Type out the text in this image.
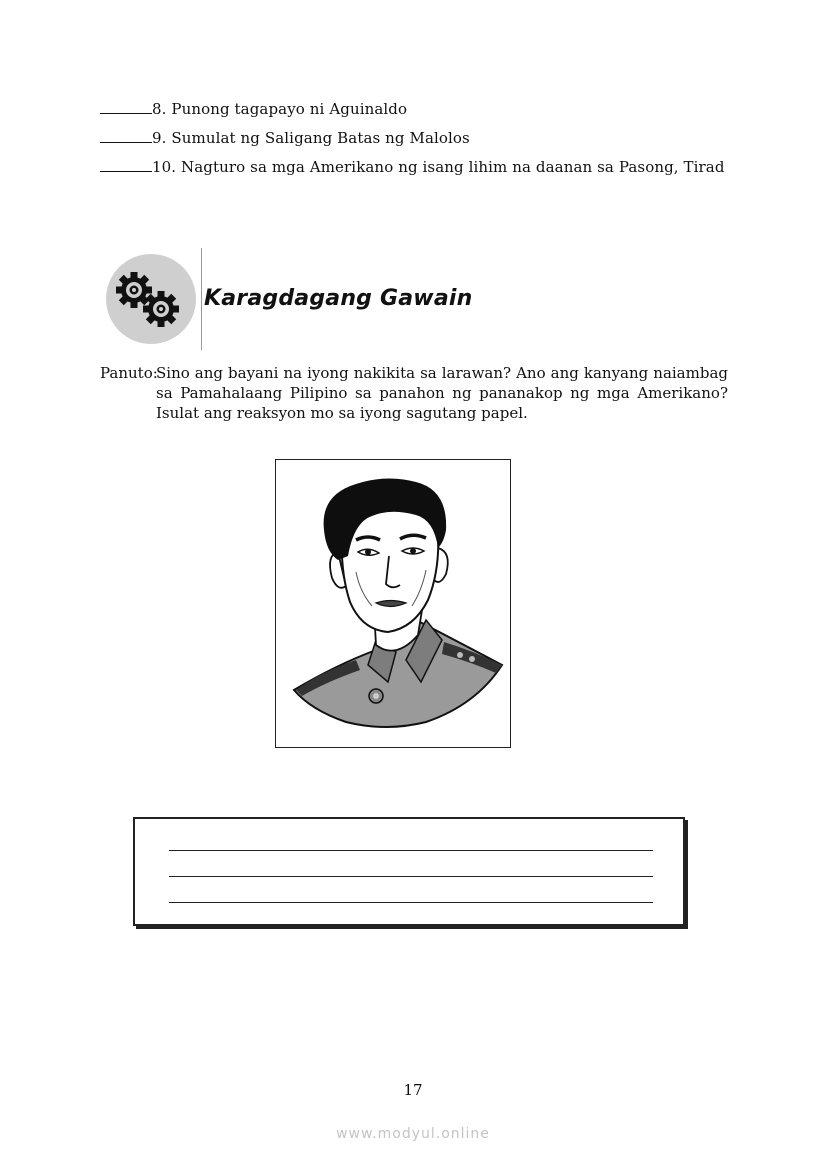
8. Punong tagapayo ni Aguinaldo
9. Sumulat ng Saligang Batas ng Malolos
10. Nagturo sa mga Amerikano ng isang lihim na daanan sa Pasong, Tirad
Karagdagang Gawain
Panuto:
Sino ang bayani na iyong nakikita sa larawan? Ano ang kanyang naiambag
sa Pamahalaang Pilipino sa panahon ng pananakop ng mga Amerikano?
Isulat ang reaksyon mo sa iyong sagutang papel.
17
www.modyul.online
